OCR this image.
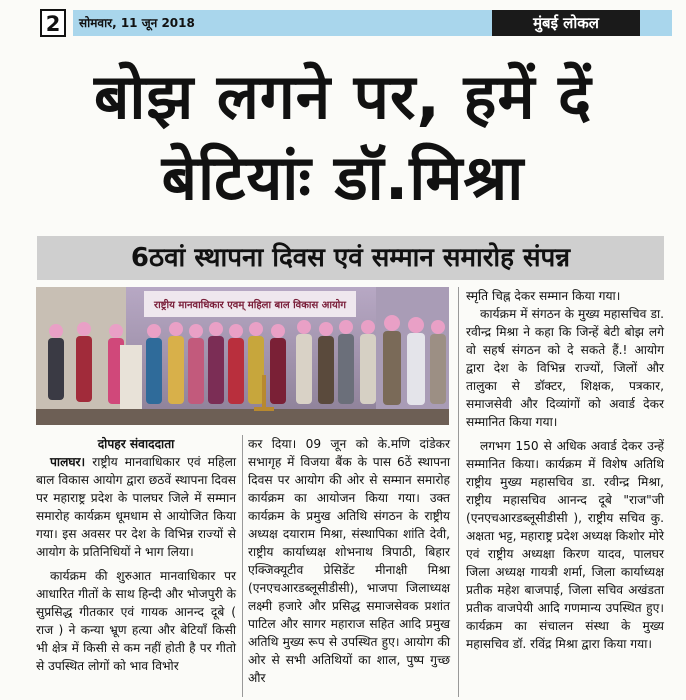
2	सोमवार, 11 जून 2018	मुंबई लोकल
बोझ लगने पर, हमें दें
बेटियांः डॉ.मिश्रा
6ठवां स्थापना दिवस एवं सम्मान समारोह संपन्न
राष्ट्रीय मानवाधिकार एवम् महिला बाल विकास आयोग

दोपहर संवाददाता

पालघर। राष्ट्रीय मानवाधिकार एवं महिला बाल विकास आयोग द्वारा छठवें स्थापना दिवस पर महाराष्ट्र प्रदेश के पालघर जिले में सम्मान समारोह कार्यक्रम धूमधाम से आयोजित किया गया। इस अवसर पर देश के विभिन्न राज्यों से आयोग के प्रतिनिधियों ने भाग लिया।

कार्यक्रम की शुरुआत मानवाधिकार पर आधारित गीतों के साथ हिन्दी और भोजपुरी के सुप्रसिद्ध गीतकार एवं गायक आनन्द दूबे ( राज ) ने कन्या भ्रूण हत्या और बेटियाँ किसी भी क्षेत्र में किसी से कम नहीं होती है पर गीतो से उपस्थित लोगों को भाव विभोर

कर दिया। 09 जून को के.मणि दांडेकर सभागृह में विजया बैंक के पास 6ठें स्थापना दिवस पर आयोग की ओर से सम्मान समारोह कार्यक्रम का आयोजन किया गया। उक्त कार्यक्रम के प्रमुख अतिथि संगठन के राष्ट्रीय अध्यक्ष दयाराम मिश्रा, संस्थापिका शांति देवी, राष्ट्रीय कार्याध्यक्ष शोभनाथ त्रिपाठी, बिहार एक्जिक्यूटीव प्रेसिडेंट मीनाक्षी मिश्रा (एनएचआरडब्लूसीडीसी), भाजपा जिलाध्यक्ष लक्ष्मी हजारे और प्रसिद्ध समाजसेवक प्रशांत पाटिल और सागर महाराज सहित आदि प्रमुख अतिथि मुख्य रूप से उपस्थित हुए। आयोग की ओर से सभी अतिथियों का शाल, पुष्प गुच्छ और

स्मृति चिह्न देकर सम्मान किया गया।

कार्यक्रम में संगठन के मुख्य महासचिव डा. रवीन्द्र मिश्रा ने कहा कि जिन्हें बेटी बोझ लगे वो सहर्ष संगठन को दे सकते हैं.! आयोग द्वारा देश के विभिन्न राज्यों, जिलों और तालुका से डॉक्टर, शिक्षक, पत्रकार, समाजसेवी और दिव्यांगों को अवार्ड देकर सम्मानित किया गया।

लगभग 150 से अधिक अवार्ड देकर उन्हें सम्मानित किया। कार्यक्रम में विशेष अतिथि राष्ट्रीय मुख्य महासचिव डा. रवीन्द्र मिश्रा, राष्ट्रीय महासचिव आनन्द दूबे "राज"जी (एनएचआरडब्लूसीडीसी ), राष्ट्रीय सचिव कु. अक्षता भट्ट, महाराष्ट्र प्रदेश अध्यक्ष किशोर मोरे एवं राष्ट्रीय अध्यक्षा किरण यादव, पालघर जिला अध्यक्ष गायत्री शर्मा, जिला कार्याध्यक्ष प्रतीक महेश बाजपाई, जिला सचिव अखंडता प्रतीक वाजपेयी आदि गणमान्य उपस्थित हुए। कार्यक्रम का संचालन संस्था के मुख्य महासचिव डॉ. रविंद्र मिश्रा द्वारा किया गया।
